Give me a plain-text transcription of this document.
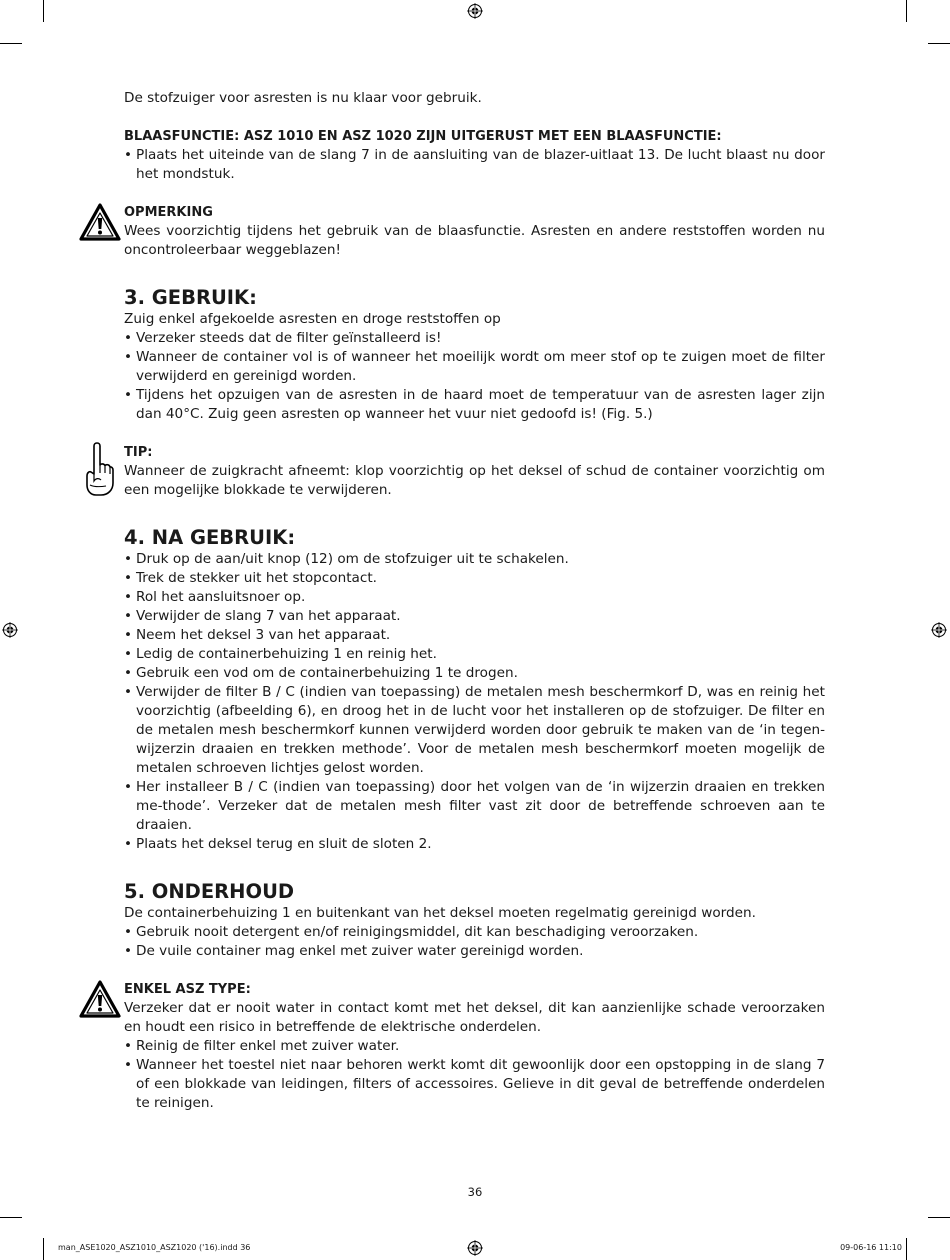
De stofzuiger voor asresten is nu klaar voor gebruik.

BLAASFUNCTIE: ASZ 1010 EN ASZ 1020 ZIJN UITGERUST MET EEN BLAASFUNCTIE:

• Plaats het uiteinde van de slang 7 in de aansluiting van de blazer-uitlaat 13. De lucht blaast nu door het mondstuk.

OPMERKING

Wees voorzichtig tijdens het gebruik van de blaasfunctie. Asresten en andere reststoffen worden nu oncontroleerbaar weggeblazen!

3. GEBRUIK:

Zuig enkel afgekoelde asresten en droge reststoffen op

• Verzeker steeds dat de filter geïnstalleerd is!
• Wanneer de container vol is of wanneer het moeilijk wordt om meer stof op te zuigen moet de filter verwijderd en gereinigd worden.
• Tijdens het opzuigen van de asresten in de haard moet de temperatuur van de asresten lager zijn dan 40°C. Zuig geen asresten op wanneer het vuur niet gedoofd is! (Fig. 5.)

TIP:

Wanneer de zuigkracht afneemt: klop voorzichtig op het deksel of schud de container voorzichtig om een mogelijke blokkade te verwijderen.

4. NA GEBRUIK:
• Druk op de aan/uit knop (12) om de stofzuiger uit te schakelen.
• Trek de stekker uit het stopcontact.
• Rol het aansluitsnoer op.
• Verwijder de slang 7 van het apparaat.
• Neem het deksel 3 van het apparaat.
• Ledig de containerbehuizing 1 en reinig het.
• Gebruik een vod om de containerbehuizing 1 te drogen.
• Verwijder de filter B / C (indien van toepassing) de metalen mesh beschermkorf D, was en reinig het voorzichtig (afbeelding 6), en droog het in de lucht voor het installeren op de stofzuiger. De filter en de metalen mesh beschermkorf kunnen verwijderd worden door gebruik te maken van de ‘in tegen-wijzerzin draaien en trekken methode’. Voor de metalen mesh beschermkorf moeten mogelijk de metalen schroeven lichtjes gelost worden.
• Her installeer B / C (indien van toepassing) door het volgen van de ‘in wijzerzin draaien en trekken me-thode’. Verzeker dat de metalen mesh filter vast zit door de betreffende schroeven aan te draaien.
• Plaats het deksel terug en sluit de sloten 2.
5. ONDERHOUD

De containerbehuizing 1 en buitenkant van het deksel moeten regelmatig gereinigd worden.

• Gebruik nooit detergent en/of reinigingsmiddel, dit kan beschadiging veroorzaken.
• De vuile container mag enkel met zuiver water gereinigd worden.

ENKEL ASZ TYPE:

Verzeker dat er nooit water in contact komt met het deksel, dit kan aanzienlijke schade veroorzaken en houdt een risico in betreffende de elektrische onderdelen.

• Reinig de filter enkel met zuiver water.
• Wanneer het toestel niet naar behoren werkt komt dit gewoonlijk door een opstopping in de slang 7 of een blokkade van leidingen, filters of accessoires. Gelieve in dit geval de betreffende onderdelen te reinigen.
36
man_ASE1020_ASZ1010_ASZ1020 ('16).indd 36	09-06-16 11:10
